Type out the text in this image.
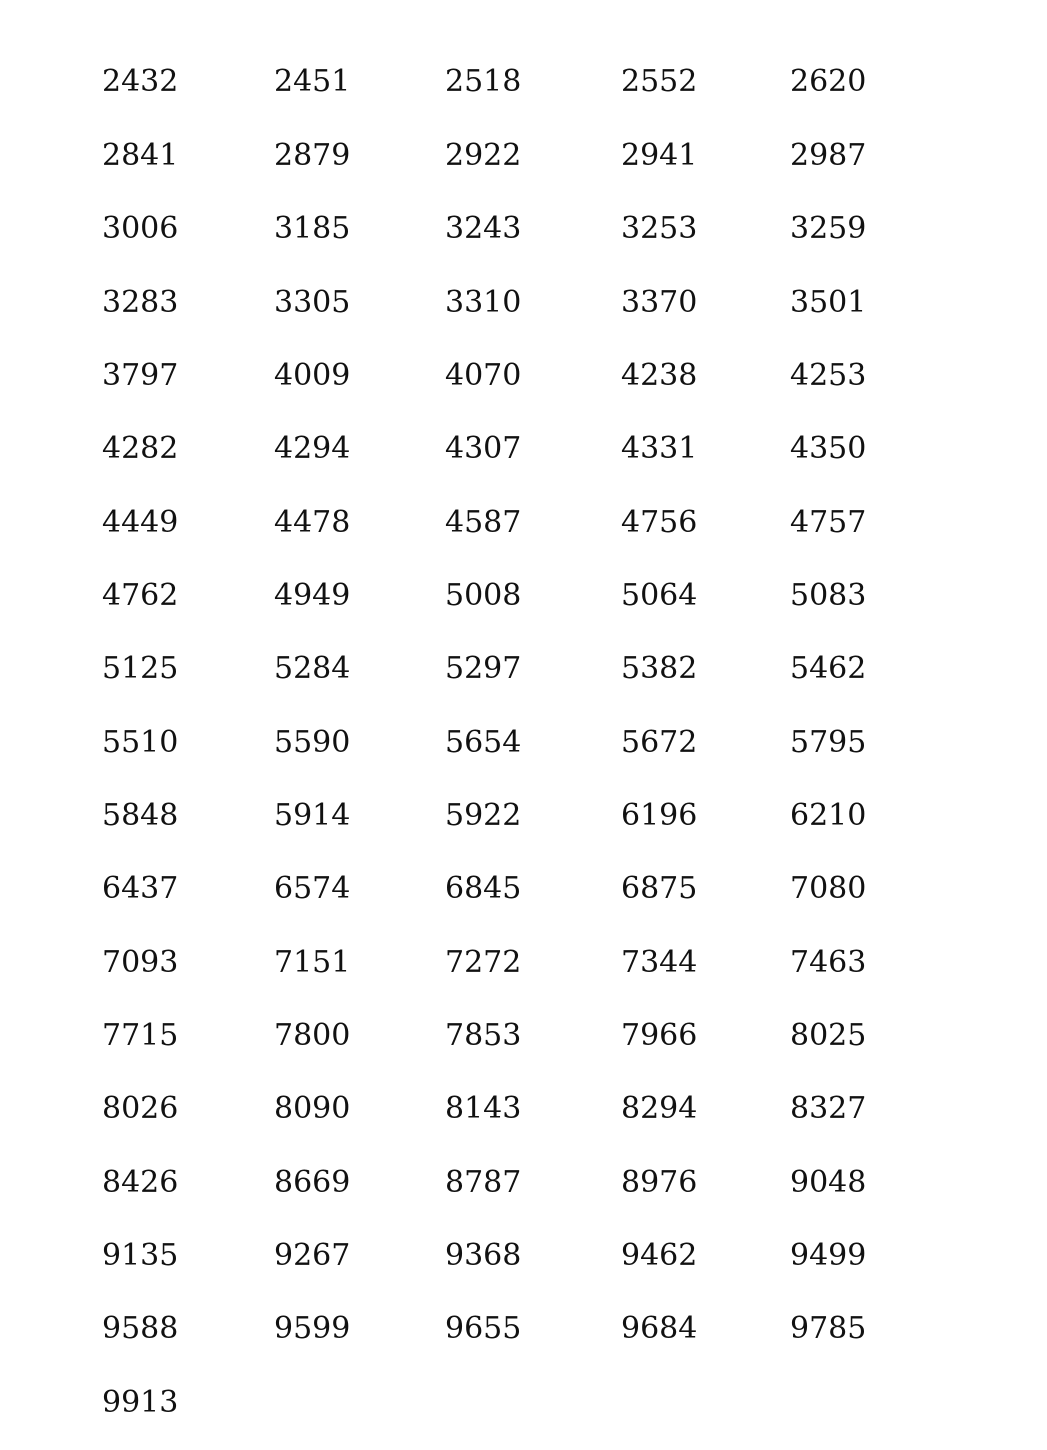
2432	2451	2518	2552	2620
2841	2879	2922	2941	2987
3006	3185	3243	3253	3259
3283	3305	3310	3370	3501
3797	4009	4070	4238	4253
4282	4294	4307	4331	4350
4449	4478	4587	4756	4757
4762	4949	5008	5064	5083
5125	5284	5297	5382	5462
5510	5590	5654	5672	5795
5848	5914	5922	6196	6210
6437	6574	6845	6875	7080
7093	7151	7272	7344	7463
7715	7800	7853	7966	8025
8026	8090	8143	8294	8327
8426	8669	8787	8976	9048
9135	9267	9368	9462	9499
9588	9599	9655	9684	9785
9913
